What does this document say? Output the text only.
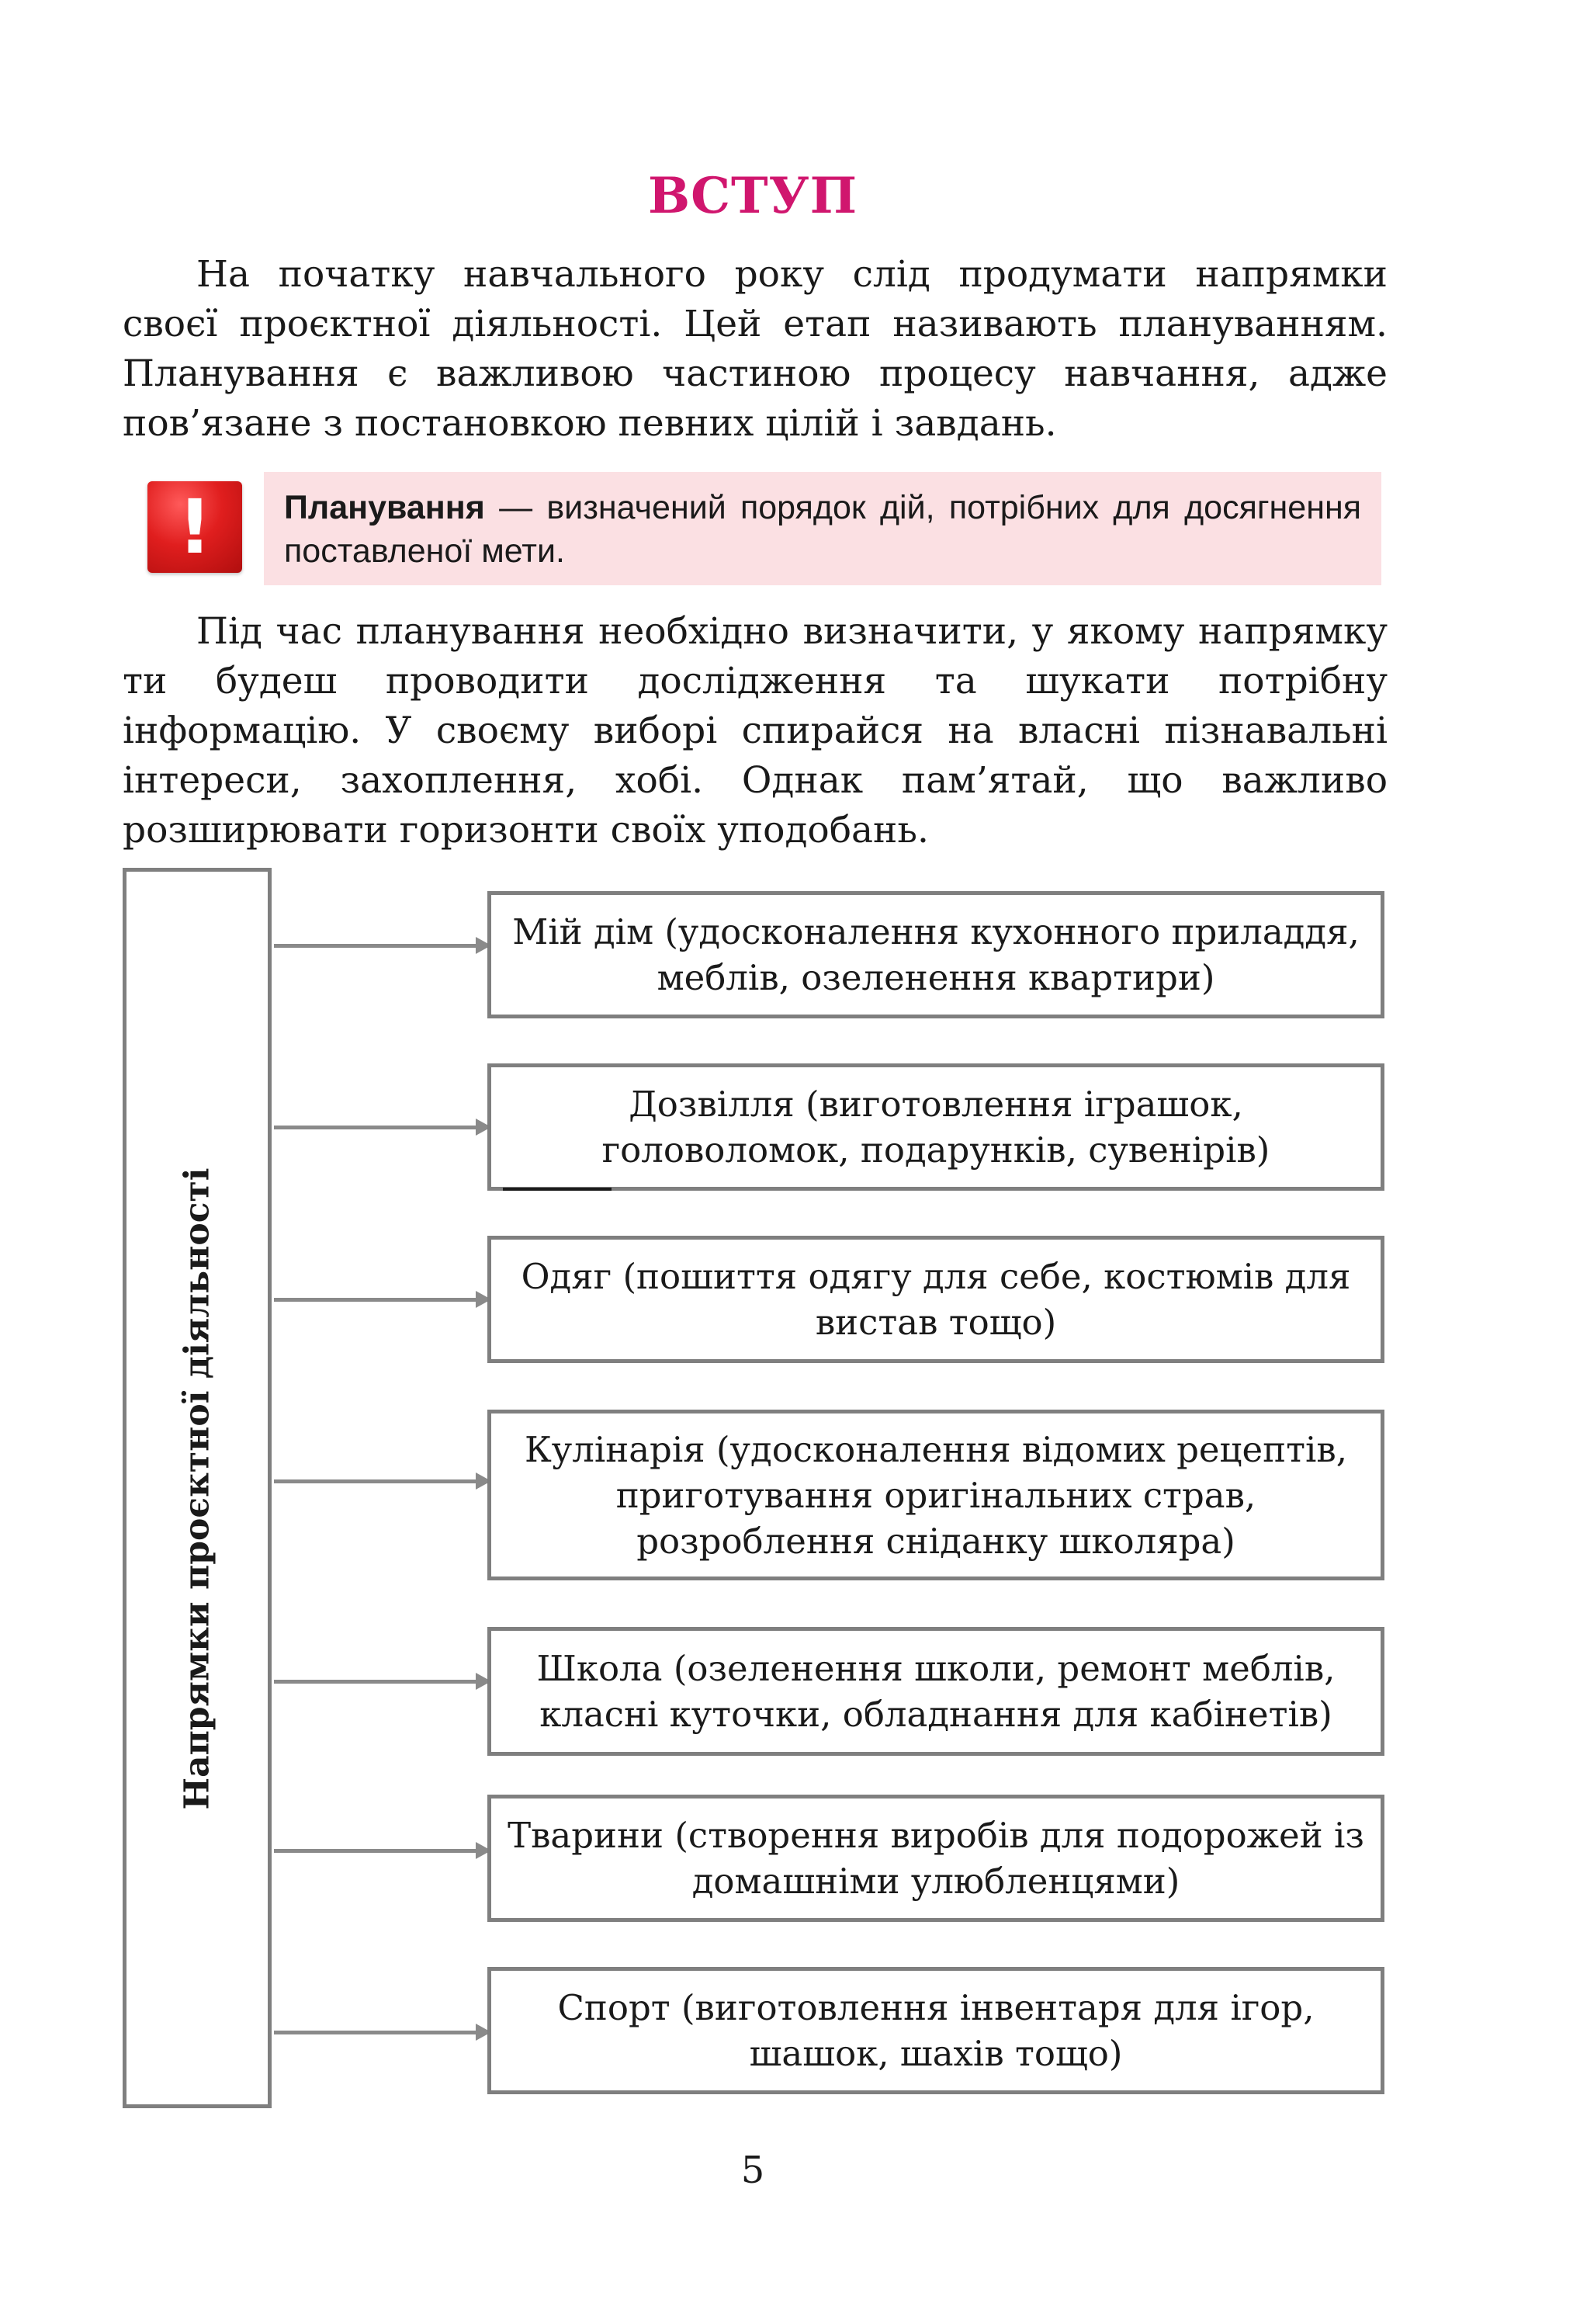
ВСТУП

На початку навчального року слід продумати напрямки своєї проєктної діяльності. Цей етап називають плануванням. Планування є важливою частиною процесу навчання, адже пов’язане з постановкою певних цілій і завдань.

!	Планування — визначений порядок дій, потрібних для досягнення поставленої мети.

Під час планування необхідно визначити, у якому напрямку ти будеш проводити дослідження та шукати потрібну інформацію. У своєму виборі спирайся на власні пізнавальні інтереси, захоплення, хобі. Однак пам’ятай, що важливо розширювати горизонти своїх уподобань.

Напрямки проєктної діяльності
Мій дім (удосконалення кухонного приладдя, меблів, озеленення квартири)
Дозвілля (виготовлення іграшок, головоломок, подарунків, сувенірів)
Одяг (пошиття одягу для себе, костюмів для вистав тощо)
Кулінарія (удосконалення відомих рецептів, приготування оригінальних страв, розроблення сніданку школяра)
Школа (озеленення школи, ремонт меблів, класні куточки, обладнання для кабінетів)
Тварини (створення виробів для подорожей із домашніми улюбленцями)
Спорт (виготовлення інвентаря для ігор, шашок, шахів тощо)
5
